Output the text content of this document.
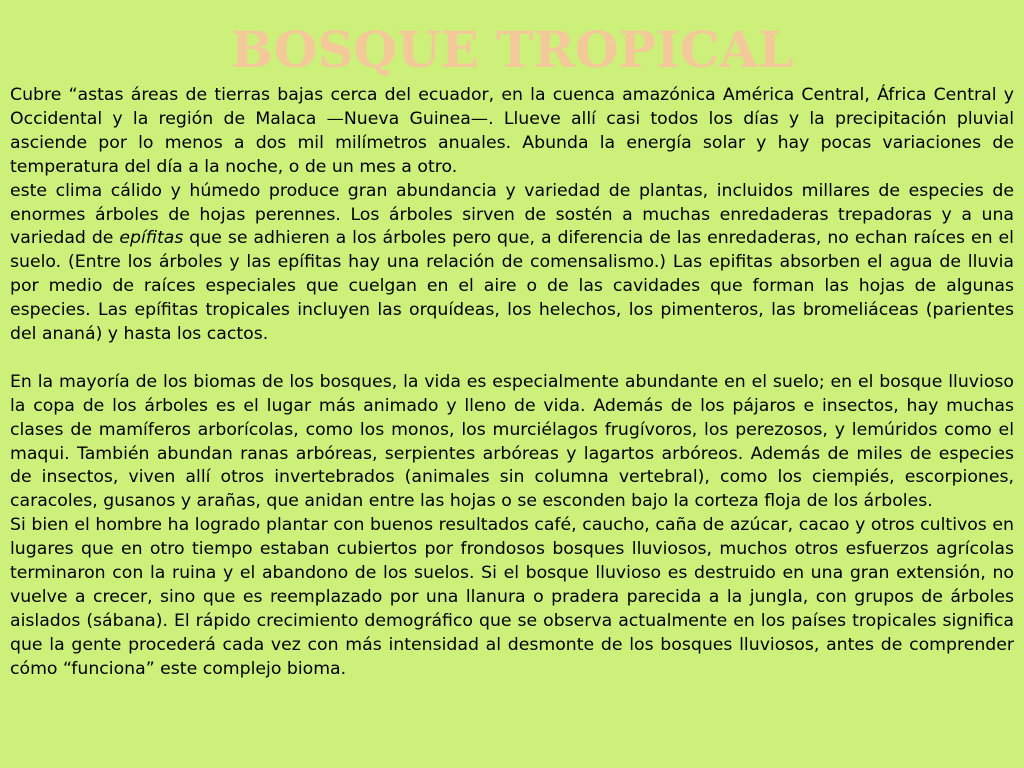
BOSQUE TROPICAL

Cubre “astas áreas de tierras bajas cerca del ecuador, en la cuenca amazónica América Central, África Central y Occidental y la región de Malaca —Nueva Guinea—. Llueve allí casi todos los días y la precipitación pluvial asciende por lo menos a dos mil milímetros anuales. Abunda la energía solar y hay pocas variaciones de temperatura del día a la noche, o de un mes a otro.

este clima cálido y húmedo produce gran abundancia y variedad de plantas, incluidos millares de especies de enormes árboles de hojas perennes. Los árboles sirven de sostén a muchas enredaderas trepadoras y a una variedad de epífitas que se adhieren a los árboles pero que, a diferencia de las enredaderas, no echan raíces en el suelo. (Entre los árboles y las epífitas hay una relación de comensalismo.) Las epifitas absorben el agua de lluvia por medio de raíces especiales que cuelgan en el aire o de las cavidades que forman las hojas de algunas especies. Las epífitas tropicales incluyen las orquídeas, los helechos, los pimenteros, las bromeliáceas (parientes del ananá) y hasta los cactos.

En la mayoría de los biomas de los bosques, la vida es especialmente abundante en el suelo; en el bosque lluvioso la copa de los árboles es el lugar más animado y lleno de vida. Además de los pájaros e insectos, hay muchas clases de mamíferos arborícolas, como los monos, los murciélagos frugívoros, los perezosos, y lemúridos como el maqui. También abundan ranas arbóreas, serpientes arbóreas y lagartos arbóreos. Además de miles de especies de insectos, viven allí otros invertebrados (animales sin columna vertebral), como los ciempiés, escorpiones, caracoles, gusanos y arañas, que anidan entre las hojas o se esconden bajo la corteza floja de los árboles.

Si bien el hombre ha logrado plantar con buenos resultados café, caucho, caña de azúcar, cacao y otros cultivos en lugares que en otro tiempo estaban cubiertos por frondosos bosques lluviosos, muchos otros esfuerzos agrícolas terminaron con la ruina y el abandono de los suelos. Si el bosque lluvioso es destruido en una gran extensión, no vuelve a crecer, sino que es reemplazado por una llanura o pradera parecida a la jungla, con grupos de árboles aislados (sábana). El rápido crecimiento demográfico que se observa actualmente en los países tropicales significa que la gente procederá cada vez con más intensidad al desmonte de los bosques lluviosos, antes de comprender cómo “funciona” este complejo bioma.
